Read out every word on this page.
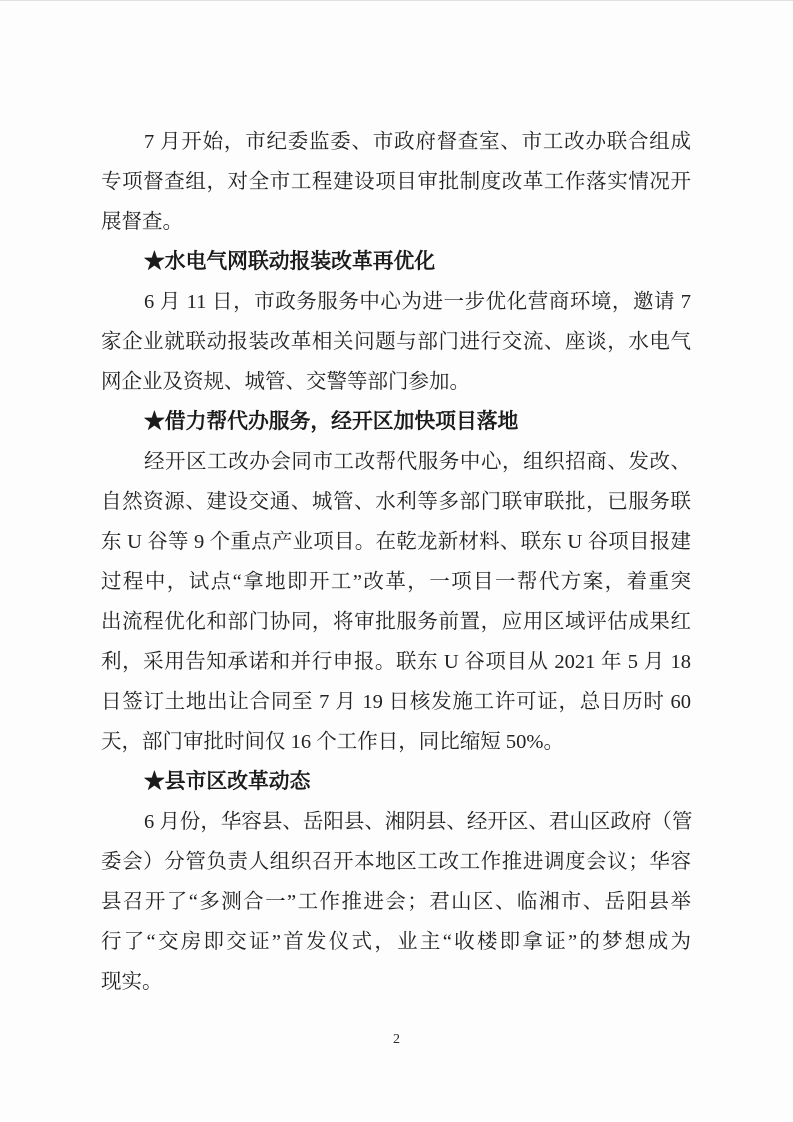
7 月开始，市纪委监委、市政府督查室、市工改办联合组成
专项督查组，对全市工程建设项目审批制度改革工作落实情况开
展督查。
★水电气网联动报装改革再优化
6 月 11 日，市政务服务中心为进一步优化营商环境，邀请 7
家企业就联动报装改革相关问题与部门进行交流、座谈，水电气
网企业及资规、城管、交警等部门参加。
★借力帮代办服务，经开区加快项目落地
经开区工改办会同市工改帮代服务中心，组织招商、发改、
自然资源、建设交通、城管、水利等多部门联审联批，已服务联
东 U 谷等 9 个重点产业项目。在乾龙新材料、联东 U 谷项目报建
过程中，试点“拿地即开工”改革，一项目一帮代方案，着重突
出流程优化和部门协同，将审批服务前置，应用区域评估成果红
利，采用告知承诺和并行申报。联东 U 谷项目从 2021 年 5 月 18
日签订土地出让合同至 7 月 19 日核发施工许可证，总日历时 60
天，部门审批时间仅 16 个工作日，同比缩短 50%。
★县市区改革动态
6 月份，华容县、岳阳县、湘阴县、经开区、君山区政府（管
委会）分管负责人组织召开本地区工改工作推进调度会议；华容
县召开了“多测合一”工作推进会；君山区、临湘市、岳阳县举
行了“交房即交证”首发仪式，业主“收楼即拿证”的梦想成为
现实。
2
